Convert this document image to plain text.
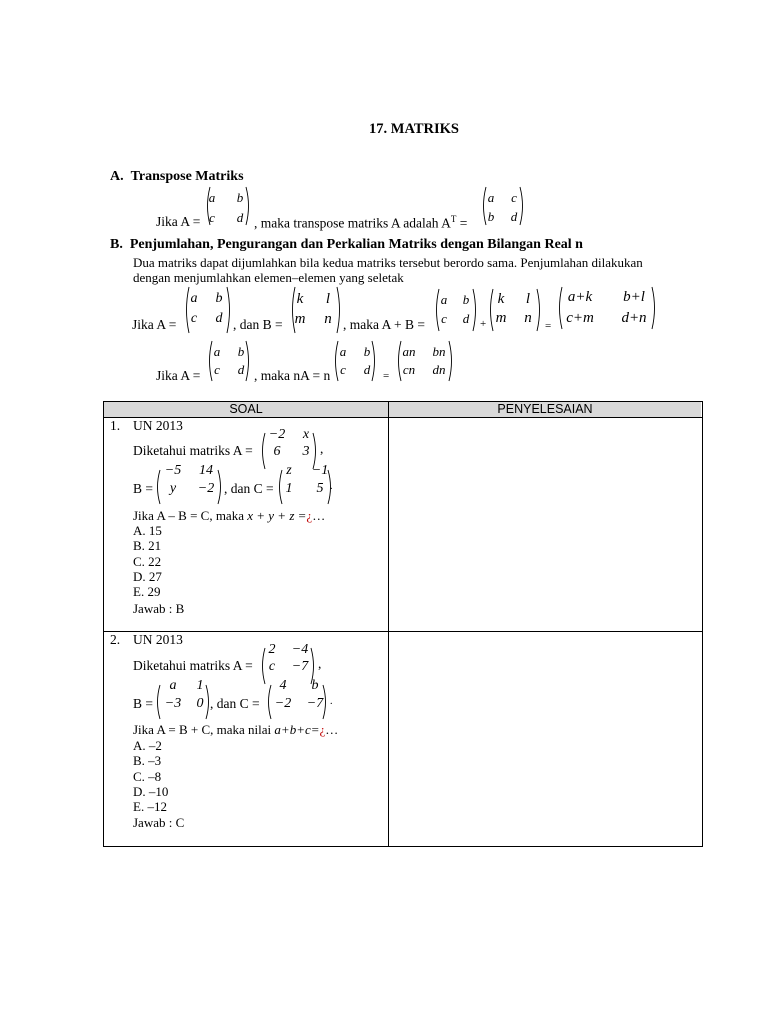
17. MATRIKS
A.  Transpose Matriks
Jika A =
a	b
c	d , maka transpose matriks A adalah $A^T$ =
a	c
b	d
B.  Penjumlahan, Pengurangan dan Perkalian Matriks dengan Bilangan Real n
Dua matriks dapat dijumlahkan bila kedua matriks tersebut berordo sama. Penjumlahan dilakukan
dengan menjumlahkan elemen–elemen yang seletak
Jika A =
a	b
c	d , dan B =
k	l
m	n , maka A + B =
a	b
c	d +
k	l
m	n
=
a+k	b+l
c+m	d+n
Jika A =
a	b
c	d , maka nA = n
a	b
c	d	=
an	bn
cn	dn
SOAL	PENYELESAIAN
1. UN 2013
Diketahui matriks A =
−2	x
6	3 ,
B =
−5	14
y	−2 , dan C =
z	−1
1	5 .
Jika A – B = C, maka x + y + z =¿…
A. 15
B. 21
C. 22
D. 27
E. 29
Jawab : B
2. UN 2013
Diketahui matriks A =
2	−4
c	−7 ,
B =
a	1
−3	0 , dan C =
4	b
−2	−7 .
Jika A = B + C, maka nilai a+b+c=¿…
A. –2
B. –3
C. –8
D. –10
E. –12
Jawab : C
